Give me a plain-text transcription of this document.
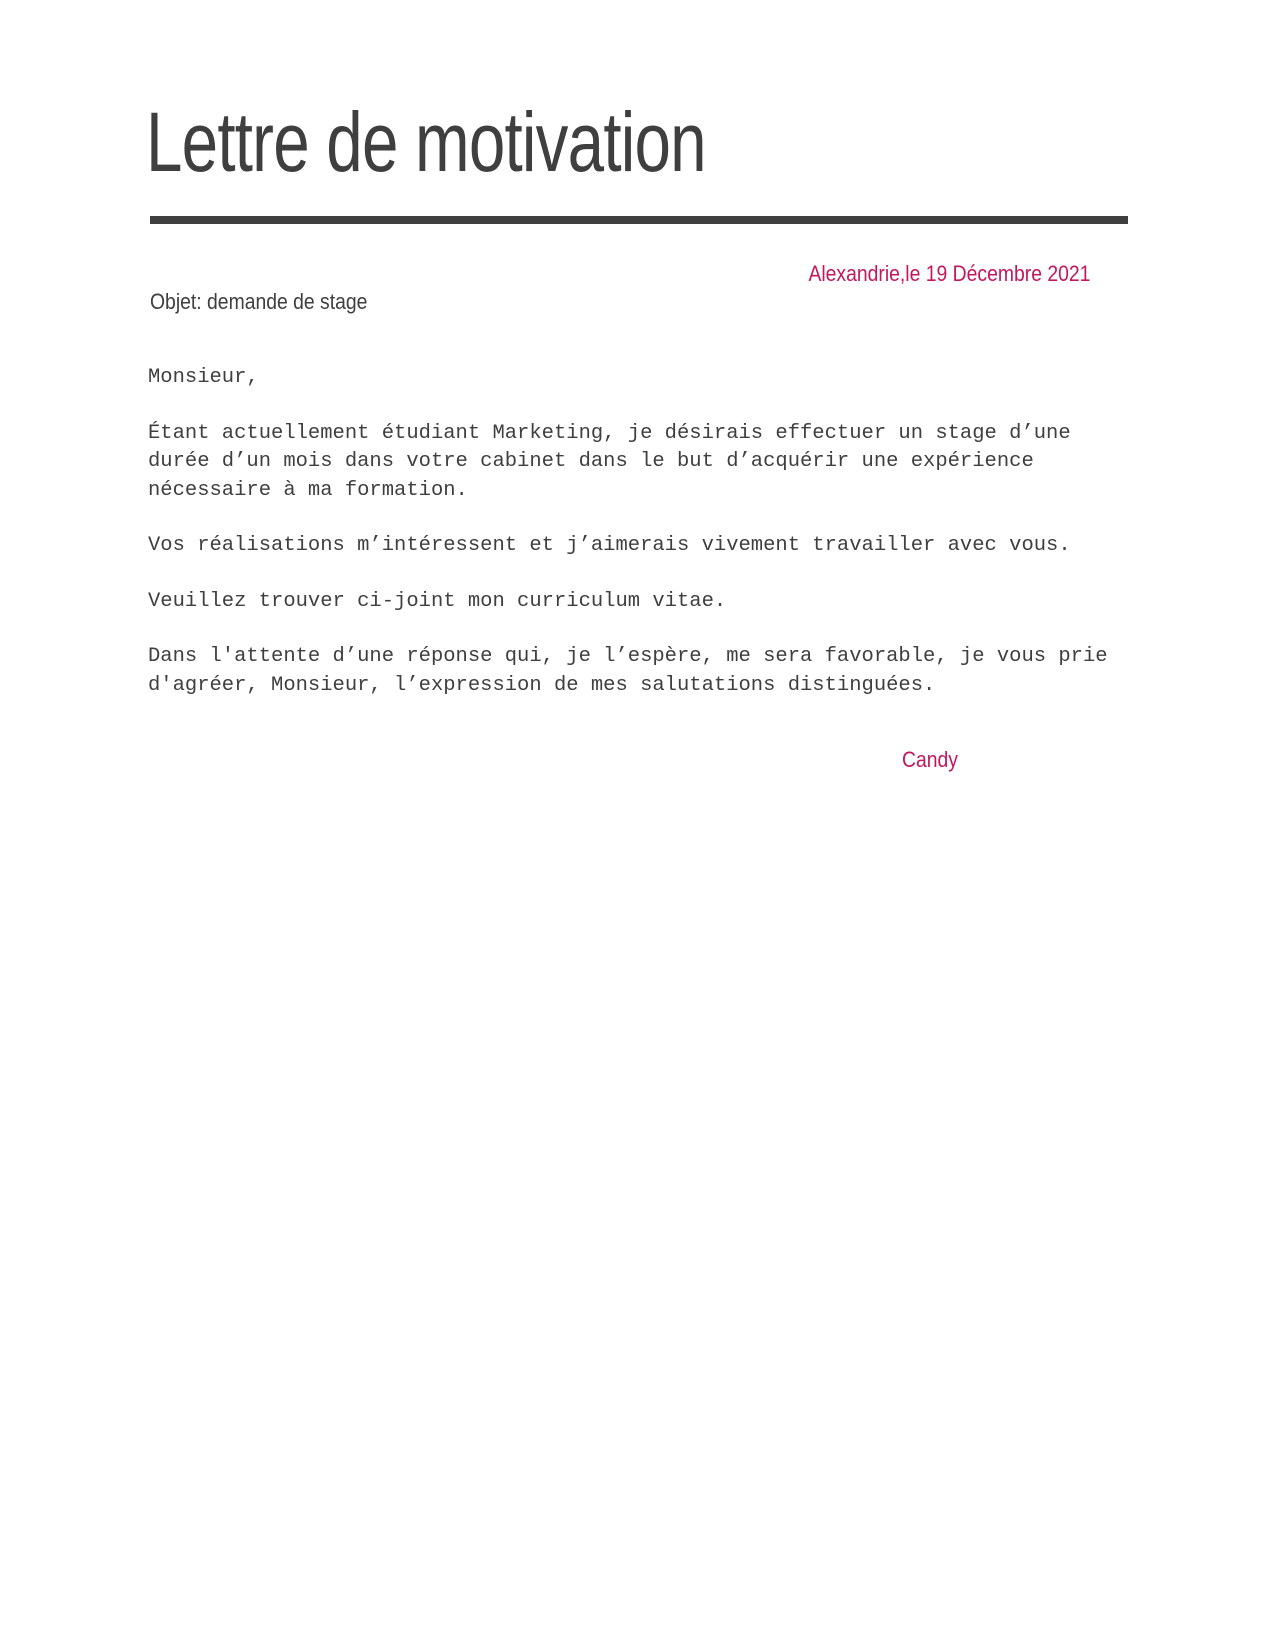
Lettre de motivation
Alexandrie,le 19 Décembre 2021
Objet: demande de stage

Monsieur,

Étant actuellement étudiant Marketing, je désirais effectuer un stage d’une durée d’un mois dans votre cabinet dans le but d’acquérir une expérience nécessaire à ma formation.

Vos réalisations m’intéressent et j’aimerais vivement travailler avec vous.

Veuillez trouver ci-joint mon curriculum vitae.

Dans l'attente d’une réponse qui, je l’espère, me sera favorable, je vous prie d'agréer, Monsieur, l’expression de mes salutations distinguées.

Candy
